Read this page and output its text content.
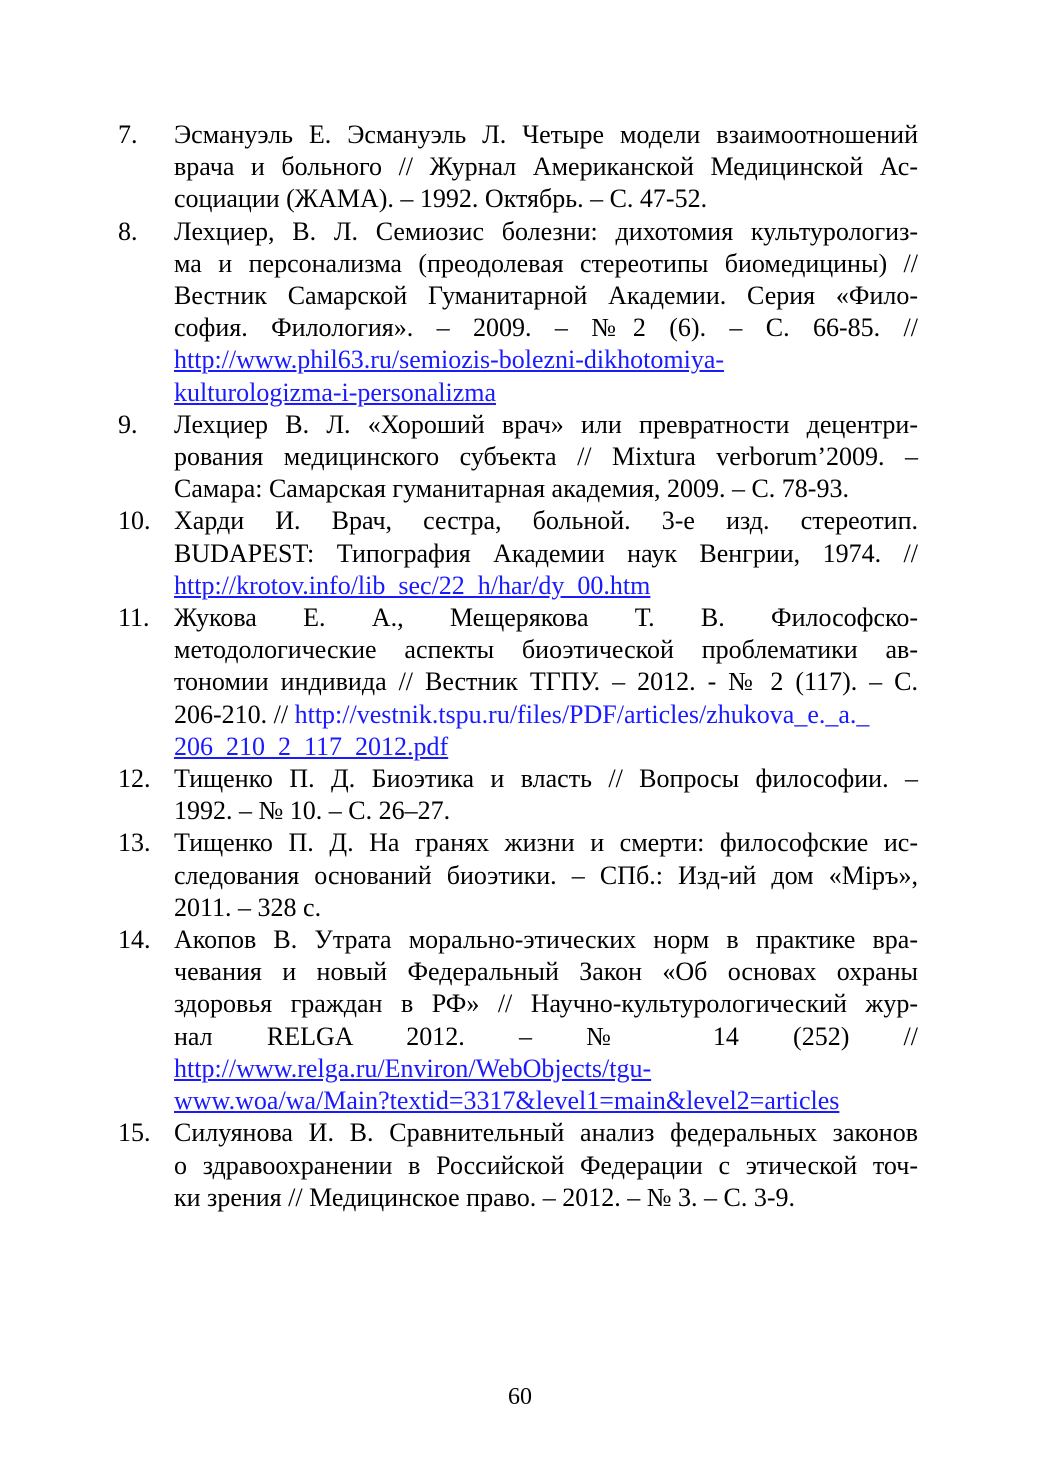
7. Эсмануэль Е. Эсмануэль Л. Четыре модели взаимоотношений
врача и больного // Журнал Американской Медицинской Ас-
социации (ЖАМА). – 1992. Октябрь. – С. 47-52.
8. Лехциер, В. Л. Семиозис болезни: дихотомия культурологиз-
ма и персонализма (преодолевая стереотипы биомедицины) //
Вестник Самарской Гуманитарной Академии. Серия «Фило-
софия. Филология». – 2009. – №2 (6). – С. 66-85. //
http://www.phil63.ru/semiozis-bolezni-dikhotomiya-
kulturologizma-i-personalizma
9. Лехциер В. Л. «Хороший врач» или превратности децентри-
рования медицинского субъекта // Mixtura verborum’2009. –
Самара: Самарская гуманитарная академия, 2009. – С. 78-93.
10. Харди И. Врач, сестра, больной. 3-е изд. стереотип.
BUDAPEST: Типография Академии наук Венгрии, 1974. //
http://krotov.info/lib_sec/22_h/har/dy_00.htm
11. Жукова Е. А., Мещерякова Т. В. Философско-
методологические аспекты биоэтической проблематики ав-
тономии индивида // Вестник ТГПУ. – 2012. - № 2 (117). – С.
206-210. // http://vestnik.tspu.ru/files/PDF/articles/zhukova_e._a._
206_210_2_117_2012.pdf
12. Тищенко П. Д. Биоэтика и власть // Вопросы философии. –
1992. – № 10. – С. 26–27.
13. Тищенко П. Д. На гранях жизни и смерти: философские ис-
следования оснований биоэтики. – СПб.: Изд-ий дом «Міръ»,
2011. – 328 с.
14. Акопов В. Утрата морально-этических норм в практике вра-
чевания и новый Федеральный Закон «Об основах охраны
здоровья граждан в РФ» // Научно-культурологический жур-
нал RELGA 2012. – № 14 (252) //
http://www.relga.ru/Environ/WebObjects/tgu-
www.woa/wa/Main?textid=3317&level1=main&level2=articles
15. Силуянова И. В. Сравнительный анализ федеральных законов
о здравоохранении в Российской Федерации с этической точ-
ки зрения // Медицинское право. – 2012. – № 3. – С. 3-9.
60
